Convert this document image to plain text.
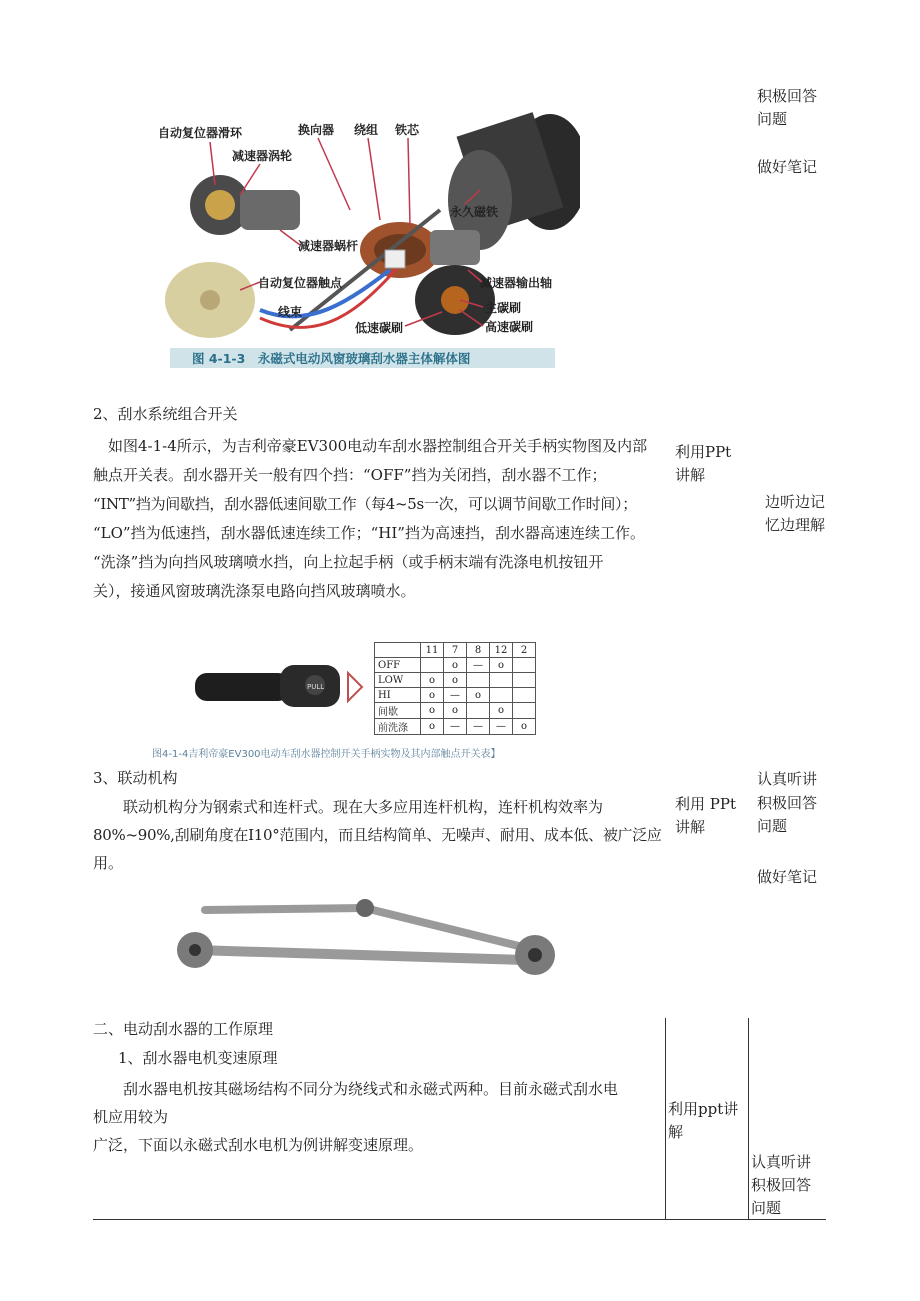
积极回答问题
做好笔记
利用PPt讲解
边听边记忆边理解
认真听讲
积极回答问题
利用 PPt讲解
做好笔记
利用ppt讲解
认真听讲积极回答问题
自动复位器滑环
减速器涡轮
换向器 绕组 铁芯
永久磁铁
减速器蜗杆
自动复位器触点	减速器输出轴
线束	主碳刷
低速碳刷	高速碳刷
图 4-1-3　永磁式电动风窗玻璃刮水器主体解体图
2、刮水系统组合开关
　如图4-1-4所示，为吉利帝豪EV300电动车刮水器控制组合开关手柄实物图及内部
触点开关表。刮水器开关一般有四个挡：“OFF”挡为关闭挡，刮水器不工作；
“INT”挡为间歇挡，刮水器低速间歇工作（每4~5s一次，可以调节间歇工作时间）；
“LO”挡为低速挡，刮水器低速连续工作；“HI”挡为高速挡，刮水器高速连续工作。
“洗涤”挡为向挡风玻璃喷水挡，向上拉起手柄（或手柄末端有洗涤电机按钮开
关），接通风窗玻璃洗涤泵电路向挡风玻璃喷水。
PULL
	11	7	8	12	2
OFF		o	—	o	
LOW	o	o			
HI	o	—	o		
间歇	o	o		o	
前洗涤	o	—	—	—	o
图4-1-4吉利帝豪EV300电动车刮水器控制开关手柄实物及其内部触点开关表】
3、联动机构
　　联动机构分为钢索式和连杆式。现在大多应用连杆机构，连杆机构效率为
80%~90%,刮刷角度在I10°范围内，而且结构简单、无噪声、耐用、成本低、被广泛应
用。
二、电动刮水器的工作原理
1、刮水器电机变速原理
　　刮水器电机按其磁场结构不同分为绕线式和永磁式两种。目前永磁式刮水电
机应用较为
广泛，下面以永磁式刮水电机为例讲解变速原理。
